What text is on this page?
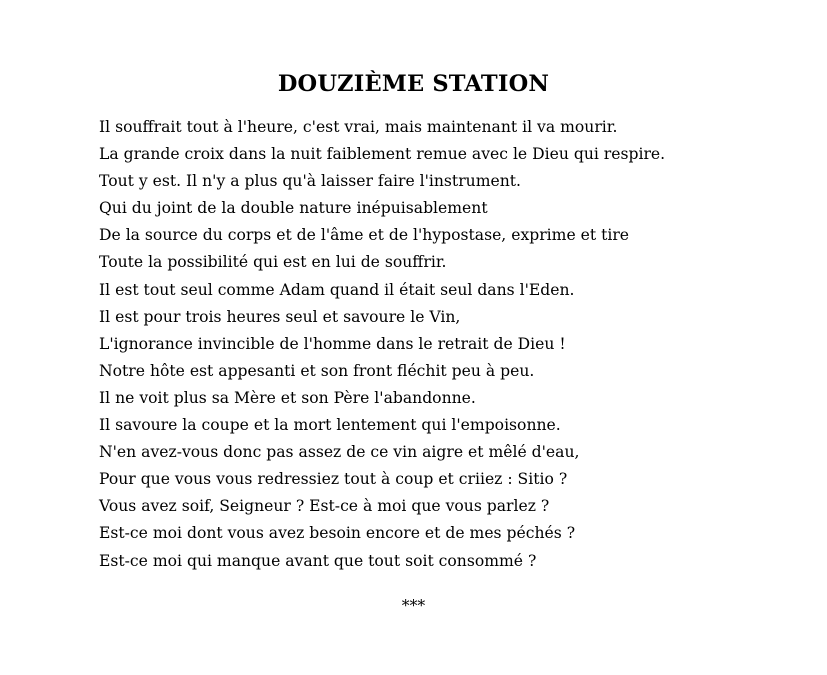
DOUZIÈME STATION
Il souffrait tout à l'heure, c'est vrai, mais maintenant il va mourir.
La grande croix dans la nuit faiblement remue avec le Dieu qui respire.
Tout y est. Il n'y a plus qu'à laisser faire l'instrument.
Qui du joint de la double nature inépuisablement
De la source du corps et de l'âme et de l'hypostase, exprime et tire
Toute la possibilité qui est en lui de souffrir.
Il est tout seul comme Adam quand il était seul dans l'Eden.
Il est pour trois heures seul et savoure le Vin,
L'ignorance invincible de l'homme dans le retrait de Dieu !
Notre hôte est appesanti et son front fléchit peu à peu.
Il ne voit plus sa Mère et son Père l'abandonne.
Il savoure la coupe et la mort lentement qui l'empoisonne.
N'en avez-vous donc pas assez de ce vin aigre et mêlé d'eau,
Pour que vous vous redressiez tout à coup et criiez : Sitio ?
Vous avez soif, Seigneur ? Est-ce à moi que vous parlez ?
Est-ce moi dont vous avez besoin encore et de mes péchés ?
Est-ce moi qui manque avant que tout soit consommé ?

***
